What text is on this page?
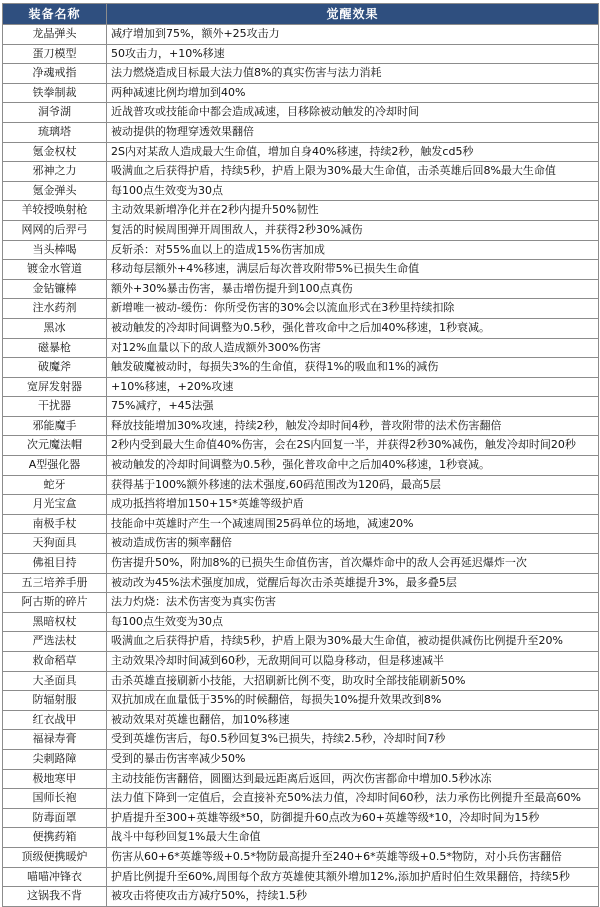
装备名称	觉醒效果
龙晶弹头	减疗增加到75%，额外+25攻击力
蛋刀模型	50攻击力，+10%移速
净魂戒指	法力燃烧造成目标最大法力值8%的真实伤害与法力消耗
铁拳制裁	两种减速比例均增加到40%
洞爷湖	近战普攻或技能命中都会造成减速，目移除被动触发的冷却时间
琉璃塔	被动提供的物理穿透效果翻倍
氪金权杖	2S内对某敌人造成最大生命值，增加自身40%移速，持续2秒，触发cd5秒
邪神之力	吸满血之后获得护盾，持续5秒，护盾上限为30%最大生命值，击杀英雄后回8%最大生命值
氪金弹头	每100点生效变为30点
羊较授唤射枪	主动效果新增净化并在2秒内提升50%韧性
网网的后羿弓	复活的时候周围弹开周围敌人，并获得2秒30%减伤
当头棒喝	反斩杀：对55%血以上的造成15%伤害加成
镀金水管道	移动每层额外+4%移速，满层后每次普攻附带5%已损失生命值
金钻镰棒	额外+30%暴击伤害，暴击增伤提升到100点真伤
注水药剂	新增唯一被动-缓伤：你所受伤害的30%会以流血形式在3秒里持续扣除
黑冰	被动触发的冷却时间调整为0.5秒，强化普攻命中之后加40%移速，1秒衰减。
磁暴枪	对12%血量以下的敌人造成额外300%伤害
破魔斧	触发破魔被动时，每损失3%的生命值，获得1%的吸血和1%的减伤
宽屏发射器	+10%移速，+20%攻速
干扰器	75%减疗，+45法强
邪能魔手	释放技能增加30%攻速，持续2秒，触发冷却时间4秒，普攻附带的法术伤害翻倍
次元魔法帽	2秒内受到最大生命值40%伤害，会在2S内回复一半，并获得2秒30%减伤，触发冷却时间20秒
A型强化器	被动触发的冷却时间调整为0.5秒，强化普攻命中之后加40%移速，1秒衰减。
蛇牙	获得基于100%额外移速的法术强度,60码范围改为120码，最高5层
月光宝盒	成功抵挡将增加150+15*英雄等级护盾
南极手杖	技能命中英雄时产生一个减速周围25码单位的场地，减速20%
天狗面具	被动造成伤害的频率翻倍
佛祖目持	伤害提升50%，附加8%的已损失生命值伤害，首次爆炸命中的敌人会再延迟爆炸一次
五三培养手册	被动改为45%法术强度加成，觉醒后每次击杀英雄提升3%，最多叠5层
阿古斯的碎片	法力灼烧：法术伤害变为真实伤害
黑暗权杖	每100点生效变为30点
严选法杖	吸满血之后获得护盾，持续5秒，护盾上限为30%最大生命值，被动提供减伤比例提升至20%
救命稻草	主动效果冷却时间减到60秒，无敌期间可以隐身移动，但是移速减半
大圣面具	击杀英雄直接刷新小技能，大招刷新比例不变，助攻时全部技能刷新50%
防辐射服	双抗加成在血量低于35%的时候翻倍，每损失10%提升效果改到8%
红衣战甲	被动效果对英雄也翻倍，加10%移速
福禄寿膏	受到英雄伤害后，每0.5秒回复3%已损失，持续2.5秒，冷却时间7秒
尖刺路障	受到的暴击伤害率减少50%
极地寒甲	主动技能伤害翻倍，圆圈达到最远距离后返回，两次伤害都命中增加0.5秒冰冻
国师长袍	法力值下降到一定值后，会直接补充50%法力值，冷却时间60秒，法力承伤比例提升至最高60%
防毒面罩	护盾提升至300+英雄等级*50，防御提升60点改为60+英雄等级*10，冷却时间为15秒
便携药箱	战斗中每秒回复1%最大生命值
顶级便携暖炉	伤害从60+6*英雄等级+0.5*物防最高提升至240+6*英雄等级+0.5*物防，对小兵伤害翻倍
喵喵冲锋衣	护盾比例提升至60%,周围每个敌方英雄使其额外增加12%,添加护盾时伯生效果翻倍，持续5秒
这锅我不背	被攻击将使攻击方减疗50%，持续1.5秒
